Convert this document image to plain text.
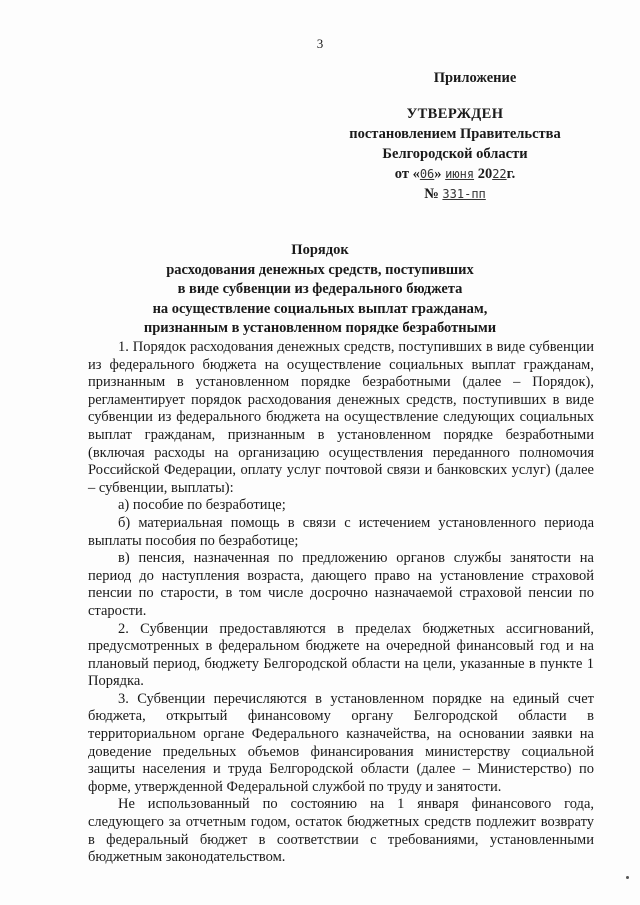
3
Приложение
УТВЕРЖДЕН
постановлением Правительства
Белгородской области
от «06» июня 2022г.
№ 331-пп
Порядок
расходования денежных средств, поступивших
в виде субвенции из федерального бюджета
на осуществление социальных выплат гражданам,
признанным в установленном порядке безработными

1. Порядок расходования денежных средств, поступивших в виде субвенции из федерального бюджета на осуществление социальных выплат гражданам, признанным в установленном порядке безработными (далее – Порядок), регламентирует порядок расходования денежных средств, поступивших в виде субвенции из федерального бюджета на осуществление следующих социальных выплат гражданам, признанным в установленном порядке безработными (включая расходы на организацию осуществления переданного полномочия Российской Федерации, оплату услуг почтовой связи и банковских услуг) (далее – субвенции, выплаты):

а) пособие по безработице;

б) материальная помощь в связи с истечением установленного периода выплаты пособия по безработице;

в) пенсия, назначенная по предложению органов службы занятости на период до наступления возраста, дающего право на установление страховой пенсии по старости, в том числе досрочно назначаемой страховой пенсии по старости.

2. Субвенции предоставляются в пределах бюджетных ассигнований, предусмотренных в федеральном бюджете на очередной финансовый год и на плановый период, бюджету Белгородской области на цели, указанные в пункте 1 Порядка.

3. Субвенции перечисляются в установленном порядке на единый счет бюджета, открытый финансовому органу Белгородской области в территориальном органе Федерального казначейства, на основании заявки на доведение предельных объемов финансирования министерству социальной защиты населения и труда Белгородской области (далее – Министерство) по форме, утвержденной Федеральной службой по труду и занятости.

Не использованный по состоянию на 1 января финансового года, следующего за отчетным годом, остаток бюджетных средств подлежит возврату в федеральный бюджет в соответствии с требованиями, установленными бюджетным законодательством.
